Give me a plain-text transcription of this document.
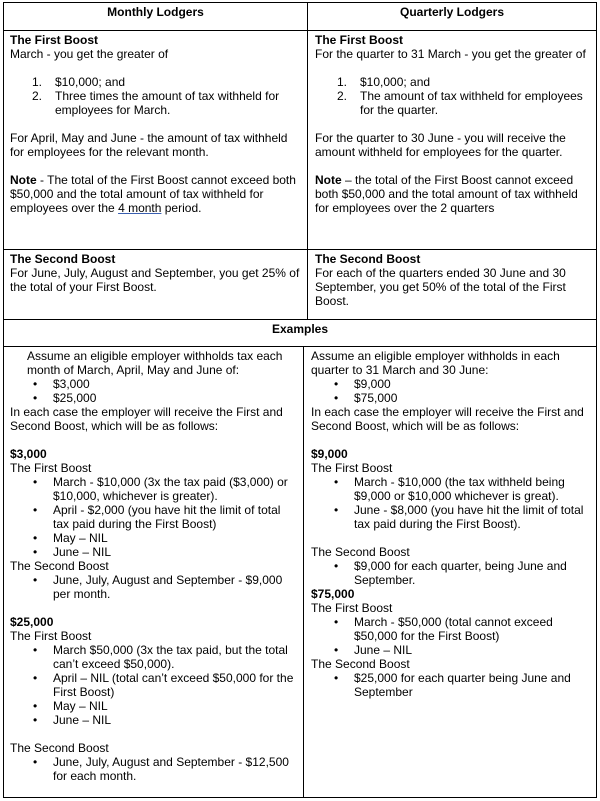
Monthly Lodgers	Quarterly Lodgers

The First Boost

March - you get the greater of

1. $10,000; and
2. Three times the amount of tax withheld for employees for March.

For April, May and June - the amount of tax withheld for employees for the relevant month.

Note - The total of the First Boost cannot exceed both $50,000 and the total amount of tax withheld for employees over the 4 month period.

The First Boost

For the quarter to 31 March - you get the greater of

1. $10,000; and
2. The amount of tax withheld for employees for the quarter.

For the quarter to 30 June - you will receive the amount withheld for employees for the quarter.

Note – the total of the First Boost cannot exceed both $50,000 and the total amount of tax withheld for employees over the 2 quarters

The Second Boost

For June, July, August and September, you get 25% of the total of your First Boost.

The Second Boost

For each of the quarters ended 30 June and 30 September, you get 50% of the total of the First Boost.

Examples

Assume an eligible employer withholds tax each month of March, April, May and June of:

• $3,000
• $25,000

In each case the employer will receive the First and Second Boost, which will be as follows:

$3,000

The First Boost

• March - $10,000 (3x the tax paid ($3,000) or $10,000, whichever is greater).
• April - $2,000 (you have hit the limit of total tax paid during the First Boost)
• May – NIL
• June – NIL

The Second Boost

• June, July, August and September - $9,000 per month.

$25,000

The First Boost

• March $50,000 (3x the tax paid, but the total can’t exceed $50,000).
• April – NIL (total can’t exceed $50,000 for the First Boost)
• May – NIL
• June – NIL

The Second Boost

• June, July, August and September - $12,500 for each month.

Assume an eligible employer withholds in each quarter to 31 March and 30 June:

• $9,000
• $75,000

In each case the employer will receive the First and Second Boost, which will be as follows:

$9,000

The First Boost

• March - $10,000 (the tax withheld being $9,000 or $10,000 whichever is great).
• June - $8,000 (you have hit the limit of total tax paid during the First Boost).

The Second Boost

• $9,000 for each quarter, being June and September.

$75,000

The First Boost

• March - $50,000 (total cannot exceed $50,000 for the First Boost)
• June – NIL

The Second Boost

• $25,000 for each quarter being June and September
